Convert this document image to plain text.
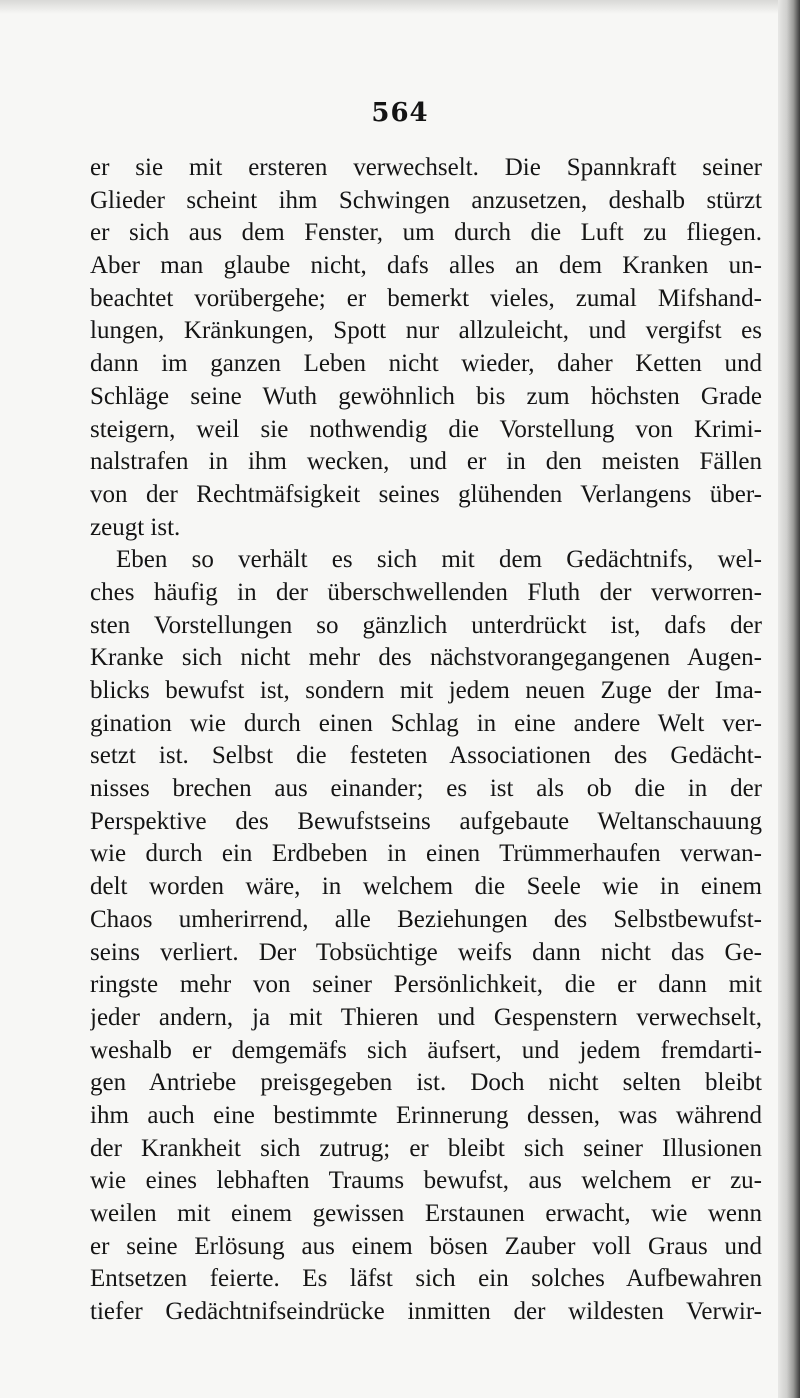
564
er sie mit ersteren verwechselt. Die Spannkraft seiner
Glieder scheint ihm Schwingen anzusetzen, deshalb stürzt
er sich aus dem Fenster, um durch die Luft zu fliegen.
Aber man glaube nicht, dafs alles an dem Kranken un-
beachtet vorübergehe; er bemerkt vieles, zumal Mifshand-
lungen, Kränkungen, Spott nur allzuleicht, und vergifst es
dann im ganzen Leben nicht wieder, daher Ketten und
Schläge seine Wuth gewöhnlich bis zum höchsten Grade
steigern, weil sie nothwendig die Vorstellung von Krimi-
nalstrafen in ihm wecken, und er in den meisten Fällen
von der Rechtmäfsigkeit seines glühenden Verlangens über-
zeugt ist.
Eben so verhält es sich mit dem Gedächtnifs, wel-
ches häufig in der überschwellenden Fluth der verworren-
sten Vorstellungen so gänzlich unterdrückt ist, dafs der
Kranke sich nicht mehr des nächstvorangegangenen Augen-
blicks bewufst ist, sondern mit jedem neuen Zuge der Ima-
gination wie durch einen Schlag in eine andere Welt ver-
setzt ist. Selbst die festeten Associationen des Gedächt-
nisses brechen aus einander; es ist als ob die in der
Perspektive des Bewufstseins aufgebaute Weltanschauung
wie durch ein Erdbeben in einen Trümmerhaufen verwan-
delt worden wäre, in welchem die Seele wie in einem
Chaos umherirrend, alle Beziehungen des Selbstbewufst-
seins verliert. Der Tobsüchtige weifs dann nicht das Ge-
ringste mehr von seiner Persönlichkeit, die er dann mit
jeder andern, ja mit Thieren und Gespenstern verwechselt,
weshalb er demgemäfs sich äufsert, und jedem fremdarti-
gen Antriebe preisgegeben ist. Doch nicht selten bleibt
ihm auch eine bestimmte Erinnerung dessen, was während
der Krankheit sich zutrug; er bleibt sich seiner Illusionen
wie eines lebhaften Traums bewufst, aus welchem er zu-
weilen mit einem gewissen Erstaunen erwacht, wie wenn
er seine Erlösung aus einem bösen Zauber voll Graus und
Entsetzen feierte. Es läfst sich ein solches Aufbewahren
tiefer Gedächtnifseindrücke inmitten der wildesten Verwir-
